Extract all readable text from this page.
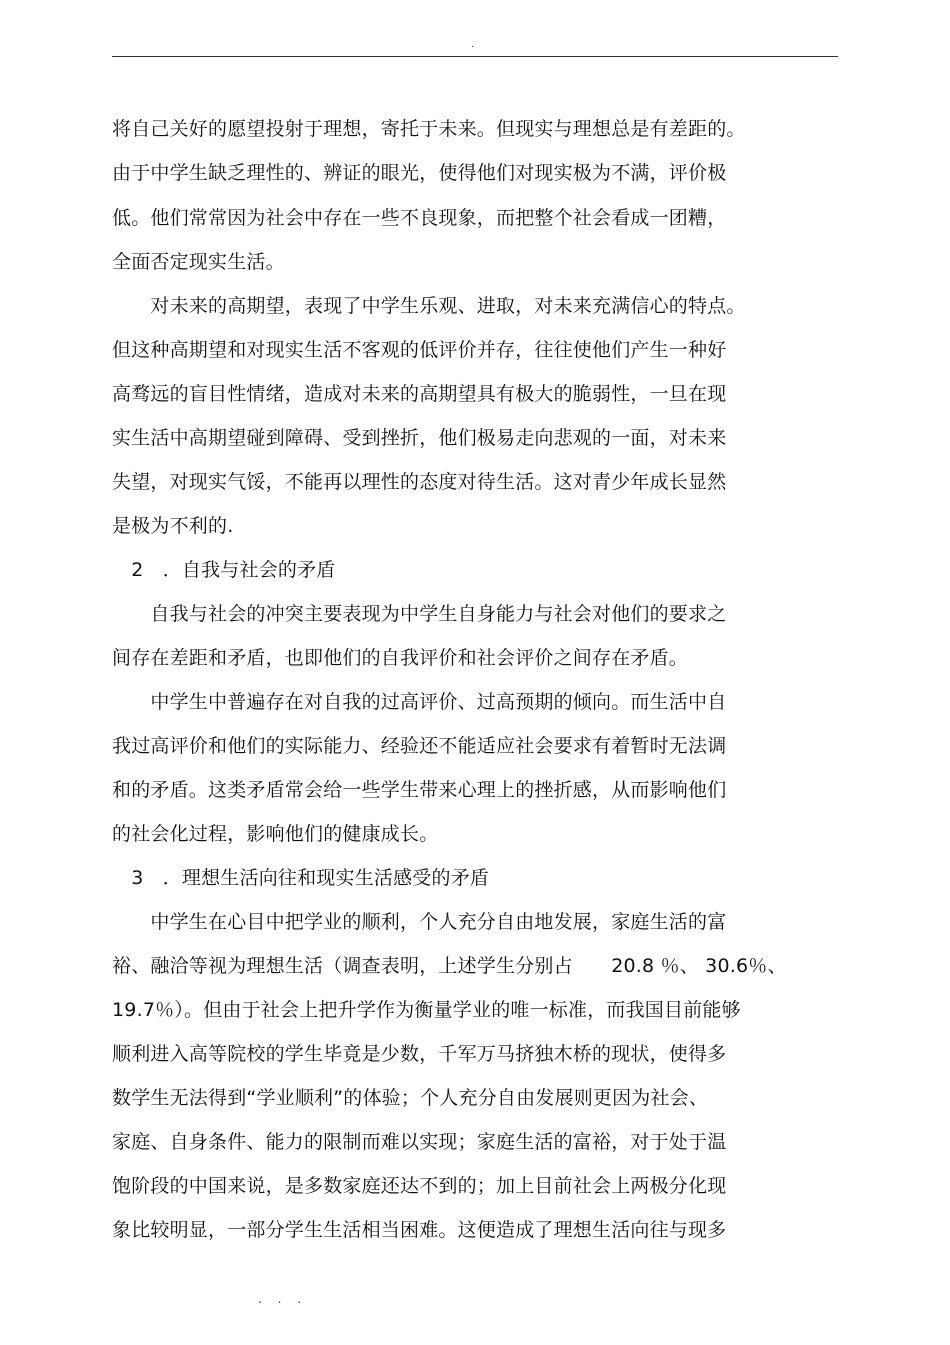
.
将自己关好的愿望投射于理想，寄托于未来。但现实与理想总是有差距的。
由于中学生缺乏理性的、辨证的眼光，使得他们对现实极为不满，评价极
低。他们常常因为社会中存在一些不良现象，而把整个社会看成一团糟，
全面否定现实生活。
　　对未来的高期望，表现了中学生乐观、进取，对未来充满信心的特点。
但这种高期望和对现实生活不客观的低评价并存，往往使他们产生一种好
高骛远的盲目性情绪，造成对未来的高期望具有极大的脆弱性，一旦在现
实生活中高期望碰到障碍、受到挫折，他们极易走向悲观的一面，对未来
失望，对现实气馁，不能再以理性的态度对待生活。这对青少年成长显然
是极为不利的.
　2　．自我与社会的矛盾
　　自我与社会的冲突主要表现为中学生自身能力与社会对他们的要求之
间存在差距和矛盾，也即他们的自我评价和社会评价之间存在矛盾。
　　中学生中普遍存在对自我的过高评价、过高预期的倾向。而生活中自
我过高评价和他们的实际能力、经验还不能适应社会要求有着暂时无法调
和的矛盾。这类矛盾常会给一些学生带来心理上的挫折感，从而影响他们
的社会化过程，影响他们的健康成长。
　3　．理想生活向往和现实生活感受的矛盾
　　中学生在心目中把学业的顺利，个人充分自由地发展，家庭生活的富
裕、融洽等视为理想生活（调查表明，上述学生分别占　　20.8 ％、 30.6％、
19.7％）。但由于社会上把升学作为衡量学业的唯一标准，而我国目前能够
顺利进入高等院校的学生毕竟是少数，千军万马挤独木桥的现状，使得多
数学生无法得到“学业顺利”的体验；个人充分自由发展则更因为社会、
家庭、自身条件、能力的限制而难以实现；家庭生活的富裕，对于处于温
饱阶段的中国来说，是多数家庭还达不到的；加上目前社会上两极分化现
象比较明显，一部分学生生活相当困难。这便造成了理想生活向往与现多
. . .
